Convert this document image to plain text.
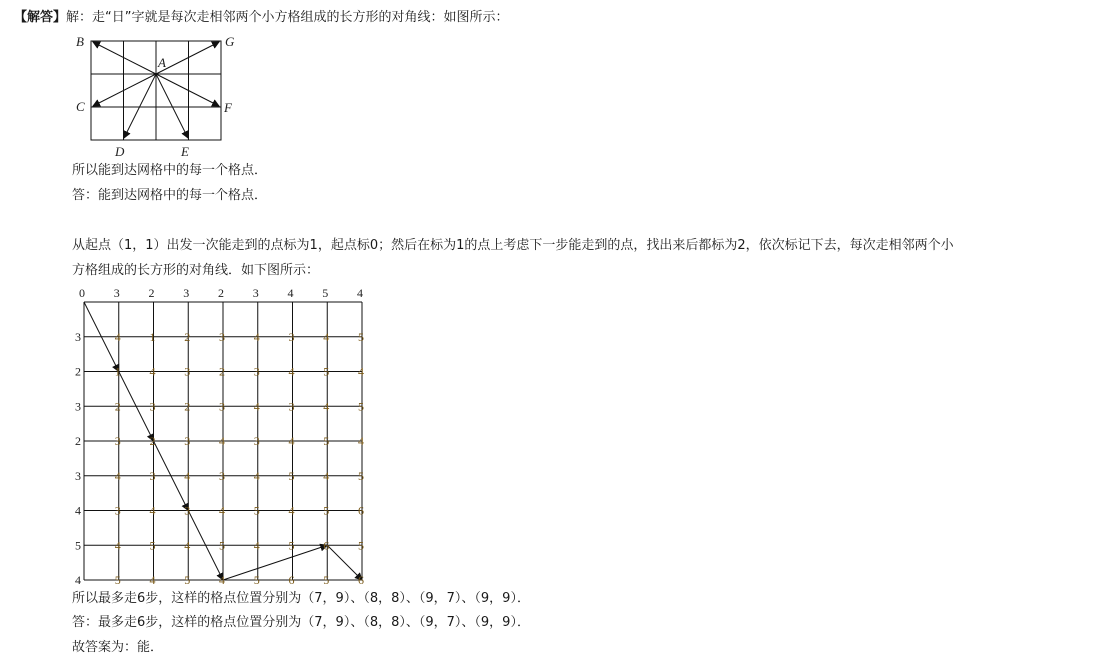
【解答】解：走“日”字就是每次走相邻两个小方格组成的长方形的对角线：如图所示：
A
B	G
C	F
D	E
所以能到达网格中的每一个格点．
答：能到达网格中的每一个格点．
从起点（1，1）出发一次能走到的点标为1，起点标0；然后在标为1的点上考虑下一步能走到的点，找出来后都标为2，依次标记下去，每次走相邻两个小
方格组成的长方形的对角线．如下图所示：
0 3 2 3 2 3 4 5 4
3	4 1 2 3 4 3 4 5
2	1 4 3 2 3 4 5 4
3	2 3 2 3 4 3 4 5
2	3 2 3 4 3 4 5 4
3	4 3 4 3 4 5 4 5
4	3 4 3 4 5 4 5 6
5	4 5 4 5 4 5 6 5
4	5 4 5 4 5 6 5 6
所以最多走6步，这样的格点位置分别为（7，9）、（8，8）、（9，7）、（9，9）．
答：最多走6步，这样的格点位置分别为（7，9）、（8，8）、（9，7）、（9，9）．
故答案为：能．
